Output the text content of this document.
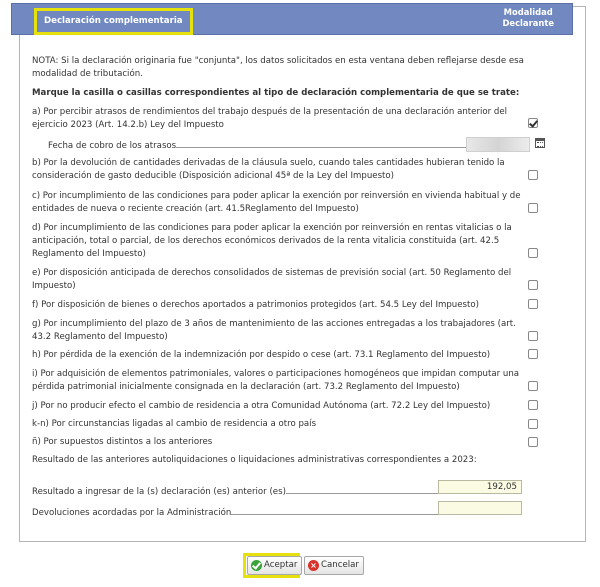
Declaración complementaria
Modalidad
Declarante
NOTA: Si la declaración originaria fue "conjunta", los datos solicitados en esta ventana deben reflejarse desde esa modalidad de tributación.
Marque la casilla o casillas correspondientes al tipo de declaración complementaria de que se trate:
a) Por percibir atrasos de rendimientos del trabajo después de la presentación de una declaración anterior del ejercicio 2023 (Art. 14.2.b) Ley del Impuesto
Fecha de cobro de los atrasos
b) Por la devolución de cantidades derivadas de la cláusula suelo, cuando tales cantidades hubieran tenido la consideración de gasto deducible (Disposición adicional 45ª de la Ley del Impuesto)
c) Por incumplimiento de las condiciones para poder aplicar la exención por reinversión en vivienda habitual y de entidades de nueva o reciente creación (art. 41.5Reglamento del Impuesto)
d) Por incumplimiento de las condiciones para poder aplicar la exención por reinversión en rentas vitalicias o la anticipación, total o parcial, de los derechos económicos derivados de la renta vitalicia constituida (art. 42.5 Reglamento del Impuesto)
e) Por disposición anticipada de derechos consolidados de sistemas de previsión social (art. 50 Reglamento del Impuesto)
f) Por disposición de bienes o derechos aportados a patrimonios protegidos (art. 54.5 Ley del Impuesto)
g) Por incumplimiento del plazo de 3 años de mantenimiento de las acciones entregadas a los trabajadores (art. 43.2 Reglamento del Impuesto)
h) Por pérdida de la exención de la indemnización por despido o cese (art. 73.1 Reglamento del Impuesto)
i) Por adquisición de elementos patrimoniales, valores o participaciones homogéneos que impidan computar una pérdida patrimonial inicialmente consignada en la declaración (art. 73.2 Reglamento del Impuesto)
j) Por no producir efecto el cambio de residencia a otra Comunidad Autónoma (art. 72.2 Ley del Impuesto)
k-n) Por circunstancias ligadas al cambio de residencia a otro país
ñ) Por supuestos distintos a los anteriores
Resultado de las anteriores autoliquidaciones o liquidaciones administrativas correspondientes a 2023:
Resultado a ingresar de la (s) declaración (es) anterior (es)	192,05
Devoluciones acordadas por la Administración
Aceptar	× Cancelar
